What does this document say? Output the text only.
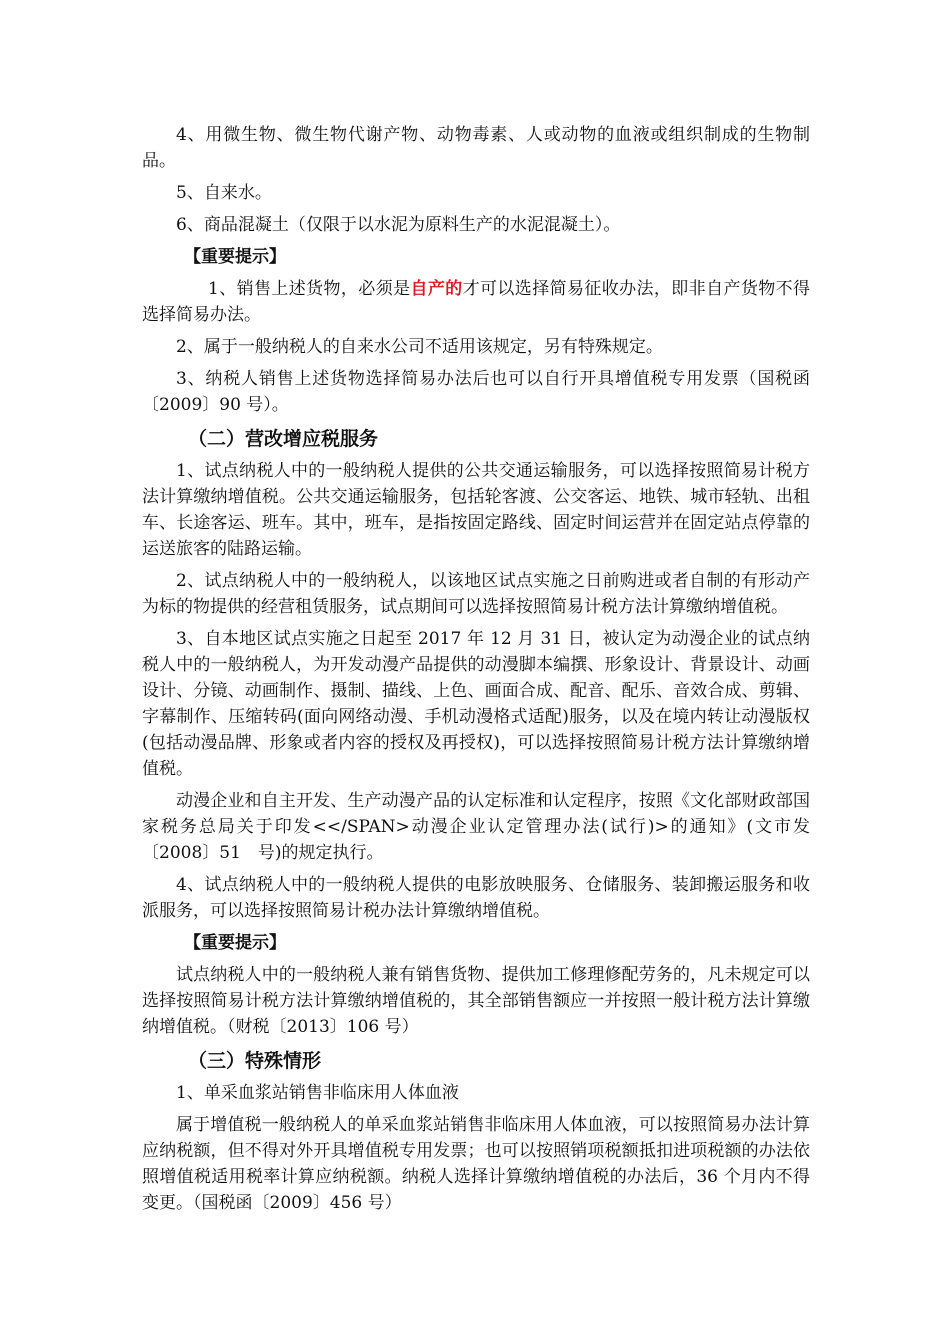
4、用微生物、微生物代谢产物、动物毒素、人或动物的血液或组织制成的生物制品。

5、自来水。

6、商品混凝土（仅限于以水泥为原料生产的水泥混凝土）。

【重要提示】

1、销售上述货物，必须是自产的才可以选择简易征收办法，即非自产货物不得选择简易办法。

2、属于一般纳税人的自来水公司不适用该规定，另有特殊规定。

3、纳税人销售上述货物选择简易办法后也可以自行开具增值税专用发票（国税函〔2009〕90 号）。

（二）营改增应税服务

1、试点纳税人中的一般纳税人提供的公共交通运输服务，可以选择按照简易计税方法计算缴纳增值税。公共交通运输服务，包括轮客渡、公交客运、地铁、城市轻轨、出租车、长途客运、班车。其中，班车，是指按固定路线、固定时间运营并在固定站点停靠的运送旅客的陆路运输。

2、试点纳税人中的一般纳税人，以该地区试点实施之日前购进或者自制的有形动产为标的物提供的经营租赁服务，试点期间可以选择按照简易计税方法计算缴纳增值税。

3、自本地区试点实施之日起至 2017 年 12 月 31 日，被认定为动漫企业的试点纳税人中的一般纳税人，为开发动漫产品提供的动漫脚本编撰、形象设计、背景设计、动画设计、分镜、动画制作、摄制、描线、上色、画面合成、配音、配乐、音效合成、剪辑、字幕制作、压缩转码(面向网络动漫、手机动漫格式适配)服务，以及在境内转让动漫版权(包括动漫品牌、形象或者内容的授权及再授权)，可以选择按照简易计税方法计算缴纳增值税。

动漫企业和自主开发、生产动漫产品的认定标准和认定程序，按照《文化部财政部国家税务总局关于印发<</SPAN>动漫企业认定管理办法(试行)>的通知》(文市发〔2008〕51　号)的规定执行。

4、试点纳税人中的一般纳税人提供的电影放映服务、仓储服务、装卸搬运服务和收派服务，可以选择按照简易计税办法计算缴纳增值税。

【重要提示】

试点纳税人中的一般纳税人兼有销售货物、提供加工修理修配劳务的，凡未规定可以选择按照简易计税方法计算缴纳增值税的，其全部销售额应一并按照一般计税方法计算缴纳增值税。（财税〔2013〕106 号）

（三）特殊情形

1、单采血浆站销售非临床用人体血液

属于增值税一般纳税人的单采血浆站销售非临床用人体血液，可以按照简易办法计算应纳税额，但不得对外开具增值税专用发票；也可以按照销项税额抵扣进项税额的办法依照增值税适用税率计算应纳税额。纳税人选择计算缴纳增值税的办法后，36 个月内不得变更。（国税函〔2009〕456 号）
